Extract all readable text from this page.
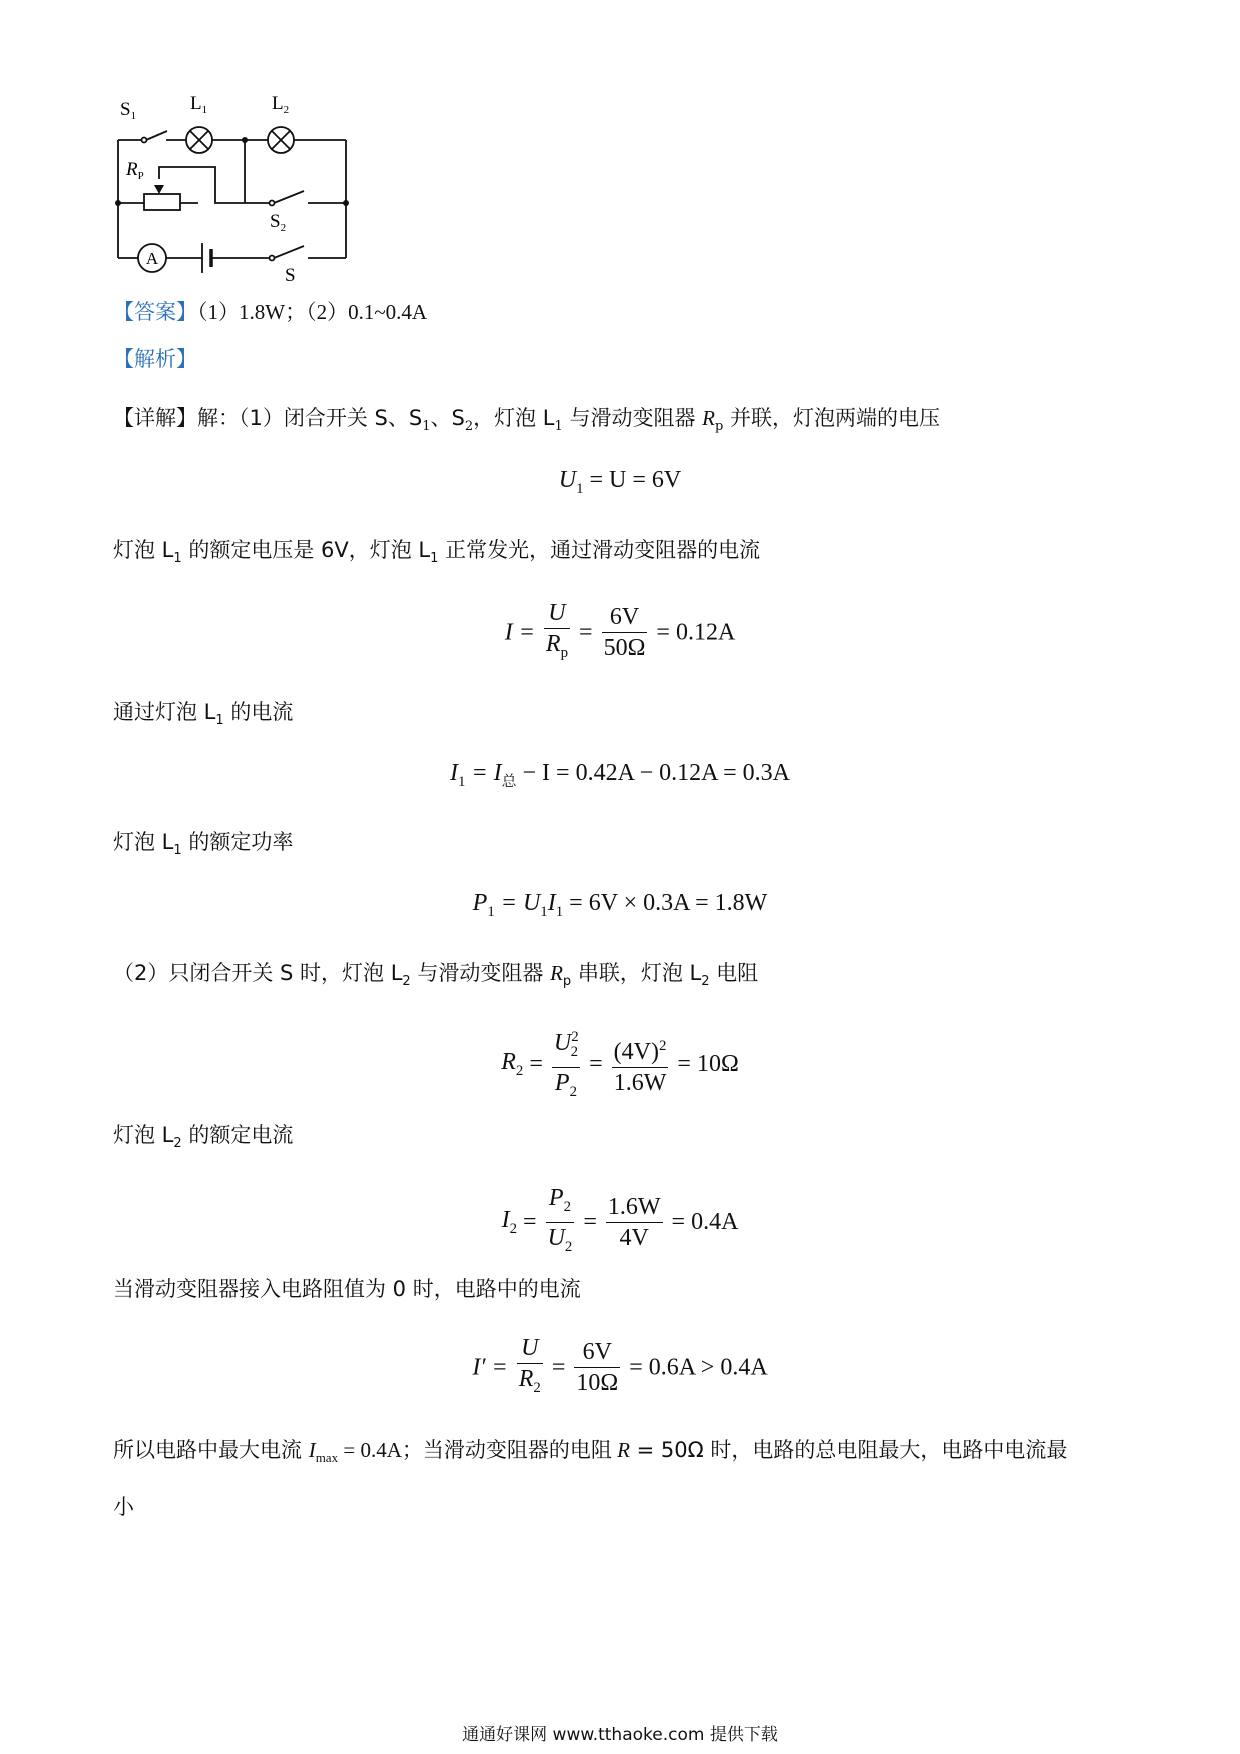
$S_1$
$L_1$	$L_2$
$R_P$
$S_2$
A
S
【答案】（1）1.8W；（2）0.1~0.4A
【解析】
【详解】解：（1）闭合开关 S、$S_1$、$S_2$，灯泡 $L_1$ 与滑动变阻器 $R_p$ 并联，灯泡两端的电压
$U_1 = U = 6V$
灯泡 $L_1$ 的额定电压是 6V，灯泡 $L_1$ 正常发光，通过滑动变阻器的电流
$I = \frac{U}{R_p} = \frac{6V}{50\Omega} = 0.12A$
通过灯泡 $L_1$ 的电流
$I_1 = I_总 - I = 0.42A - 0.12A = 0.3A$
灯泡 $L_1$ 的额定功率
$P_1 = U_1I_1 = 6V \times 0.3A = 1.8W$
（2）只闭合开关 S 时，灯泡 $L_2$ 与滑动变阻器 $R_p$ 串联，灯泡 $L_2$ 电阻
$R_2 = \frac{U^2_2}{P_2} = \frac{(4V)^2}{1.6W} = 10\Omega$
灯泡 $L_2$ 的额定电流
$I_2 = \frac{P_2}{U_2} = \frac{1.6W}{4V} = 0.4A$
当滑动变阻器接入电路阻值为 0 时，电路中的电流
$I' = \frac{U}{R_2} = \frac{6V}{10\Omega} = 0.6A > 0.4A$
所以电路中最大电流 $I_{max} = 0.4A$；当滑动变阻器的电阻 R = 50Ω 时，电路的总电阻最大，电路中电流最
小
通通好课网 www.tthaoke.com 提供下载
